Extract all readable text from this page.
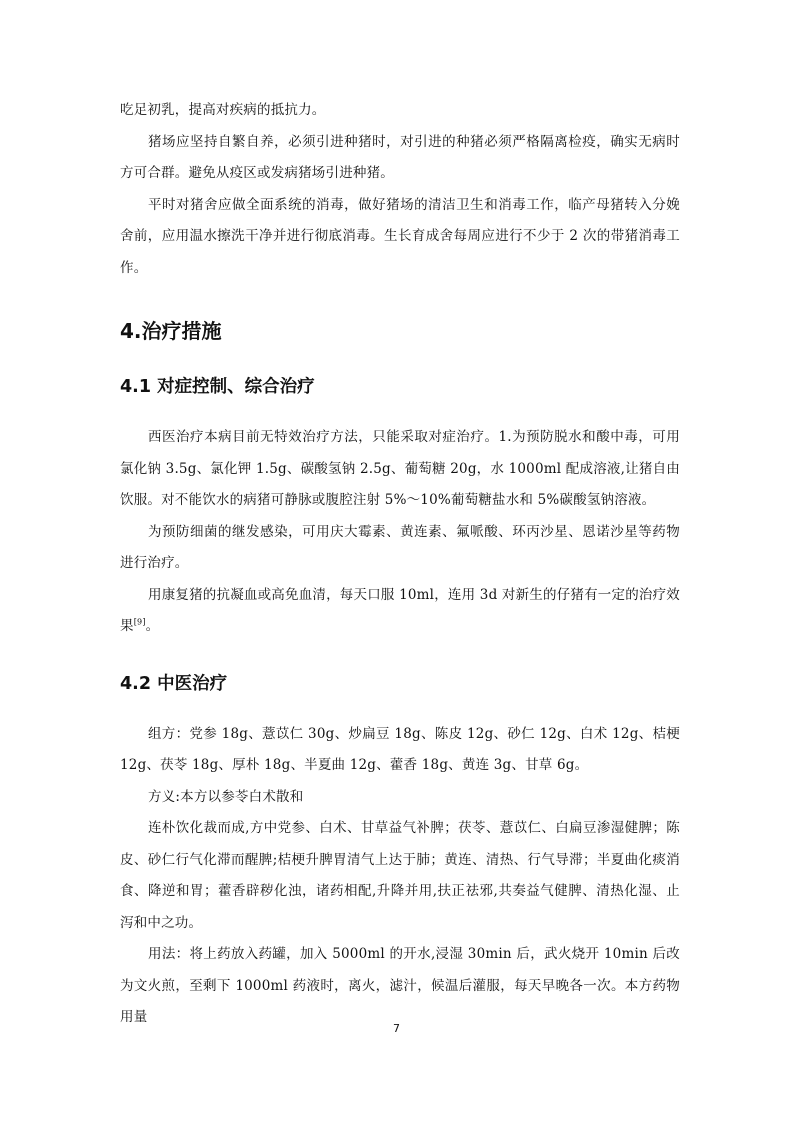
吃足初乳，提高对疾病的抵抗力。

猪场应坚持自繁自养，必须引进种猪时，对引进的种猪必须严格隔离检疫，确实无病时方可合群。避免从疫区或发病猪场引进种猪。

平时对猪舍应做全面系统的消毒，做好猪场的清洁卫生和消毒工作，临产母猪转入分娩舍前，应用温水擦洗干净并进行彻底消毒。生长育成舍每周应进行不少于 2 次的带猪消毒工作。

4.治疗措施
4.1 对症控制、综合治疗

西医治疗本病目前无特效治疗方法，只能采取对症治疗。1.为预防脱水和酸中毒，可用氯化钠 3.5g、氯化钾 1.5g、碳酸氢钠 2.5g、葡萄糖 20g，水 1000ml 配成溶液,让猪自由饮服。对不能饮水的病猪可静脉或腹腔注射 5%～10%葡萄糖盐水和 5%碳酸氢钠溶液。

为预防细菌的继发感染，可用庆大霉素、黄连素、氟哌酸、环丙沙星、恩诺沙星等药物进行治疗。

用康复猪的抗凝血或高免血清，每天口服 10ml，连用 3d 对新生的仔猪有一定的治疗效果[9]。

4.2 中医治疗

组方：党参 18g、薏苡仁 30g、炒扁豆 18g、陈皮 12g、砂仁 12g、白术 12g、桔梗 12g、茯苓 18g、厚朴 18g、半夏曲 12g、藿香 18g、黄连 3g、甘草 6g。

方义:本方以参苓白术散和

连朴饮化裁而成,方中党参、白术、甘草益气补脾；茯苓、薏苡仁、白扁豆渗湿健脾；陈皮、砂仁行气化滞而醒脾;桔梗升脾胃清气上达于肺；黄连、清热、行气导滞；半夏曲化痰消食、降逆和胃；藿香辟秽化浊，诸药相配,升降并用,扶正祛邪,共奏益气健脾、清热化湿、止泻和中之功。

用法：将上药放入药罐，加入 5000ml 的开水,浸湿 30min 后，武火烧开 10min 后改为文火煎，至剩下 1000ml 药液时，离火，滤汁，候温后灌服，每天早晚各一次。本方药物用量

7
